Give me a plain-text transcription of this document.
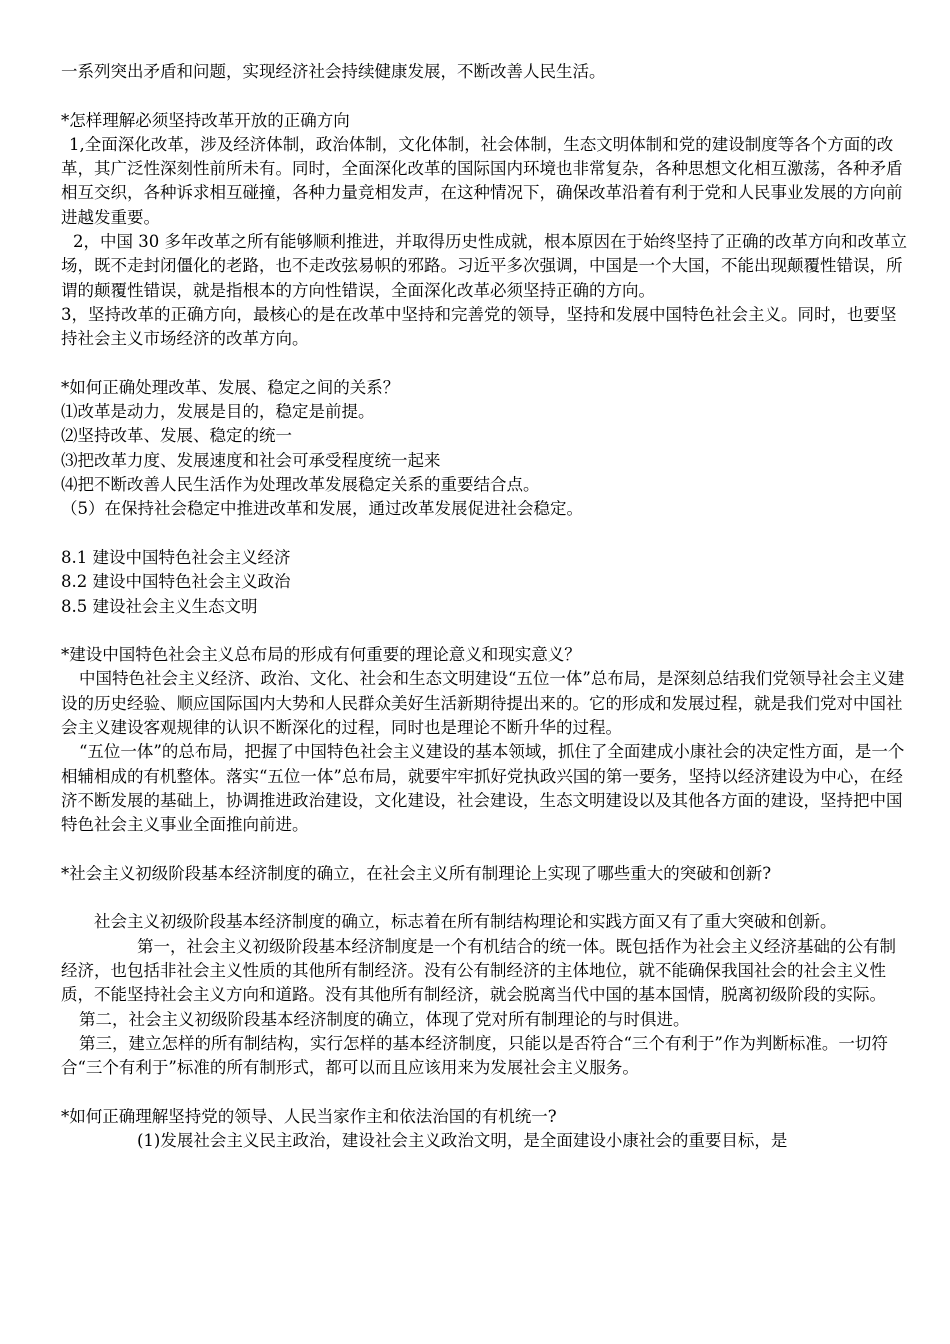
一系列突出矛盾和问题，实现经济社会持续健康发展，不断改善人民生活。

*怎样理解必须坚持改革开放的正确方向

1,全面深化改革，涉及经济体制，政治体制，文化体制，社会体制，生态文明体制和党的建设制度等各个方面的改革，其广泛性深刻性前所未有。同时，全面深化改革的国际国内环境也非常复杂，各种思想文化相互激荡，各种矛盾相互交织，各种诉求相互碰撞，各种力量竞相发声，在这种情况下，确保改革沿着有利于党和人民事业发展的方向前进越发重要。

2，中国 30 多年改革之所有能够顺利推进，并取得历史性成就，根本原因在于始终坚持了正确的改革方向和改革立场，既不走封闭僵化的老路，也不走改弦易帜的邪路。习近平多次强调，中国是一个大国，不能出现颠覆性错误，所谓的颠覆性错误，就是指根本的方向性错误，全面深化改革必须坚持正确的方向。

3，坚持改革的正确方向，最核心的是在改革中坚持和完善党的领导，坚持和发展中国特色社会主义。同时，也要坚持社会主义市场经济的改革方向。

*如何正确处理改革、发展、稳定之间的关系？

⑴改革是动力，发展是目的，稳定是前提。

⑵坚持改革、发展、稳定的统一

⑶把改革力度、发展速度和社会可承受程度统一起来

⑷把不断改善人民生活作为处理改革发展稳定关系的重要结合点。

（5）在保持社会稳定中推进改革和发展，通过改革发展促进社会稳定。

8.1 建设中国特色社会主义经济

8.2 建设中国特色社会主义政治

8.5 建设社会主义生态文明

*建设中国特色社会主义总布局的形成有何重要的理论意义和现实意义？

中国特色社会主义经济、政治、文化、社会和生态文明建设“五位一体”总布局，是深刻总结我们党领导社会主义建设的历史经验、顺应国际国内大势和人民群众美好生活新期待提出来的。它的形成和发展过程，就是我们党对中国社会主义建设客观规律的认识不断深化的过程，同时也是理论不断升华的过程。

“五位一体”的总布局，把握了中国特色社会主义建设的基本领域，抓住了全面建成小康社会的决定性方面，是一个相辅相成的有机整体。落实“五位一体”总布局，就要牢牢抓好党执政兴国的第一要务，坚持以经济建设为中心，在经济不断发展的基础上，协调推进政治建设，文化建设，社会建设，生态文明建设以及其他各方面的建设，坚持把中国特色社会主义事业全面推向前进。

*社会主义初级阶段基本经济制度的确立，在社会主义所有制理论上实现了哪些重大的突破和创新?

社会主义初级阶段基本经济制度的确立，标志着在所有制结构理论和实践方面又有了重大突破和创新。

第一，社会主义初级阶段基本经济制度是一个有机结合的统一体。既包括作为社会主义经济基础的公有制经济，也包括非社会主义性质的其他所有制经济。没有公有制经济的主体地位，就不能确保我国社会的社会主义性质，不能坚持社会主义方向和道路。没有其他所有制经济，就会脱离当代中国的基本国情，脱离初级阶段的实际。

第二，社会主义初级阶段基本经济制度的确立，体现了党对所有制理论的与时俱进。

第三，建立怎样的所有制结构，实行怎样的基本经济制度，只能以是否符合“三个有利于”作为判断标准。一切符合“三个有利于”标准的所有制形式，都可以而且应该用来为发展社会主义服务。

*如何正确理解坚持党的领导、人民当家作主和依法治国的有机统一?

(1)发展社会主义民主政治，建设社会主义政治文明，是全面建设小康社会的重要目标，是
